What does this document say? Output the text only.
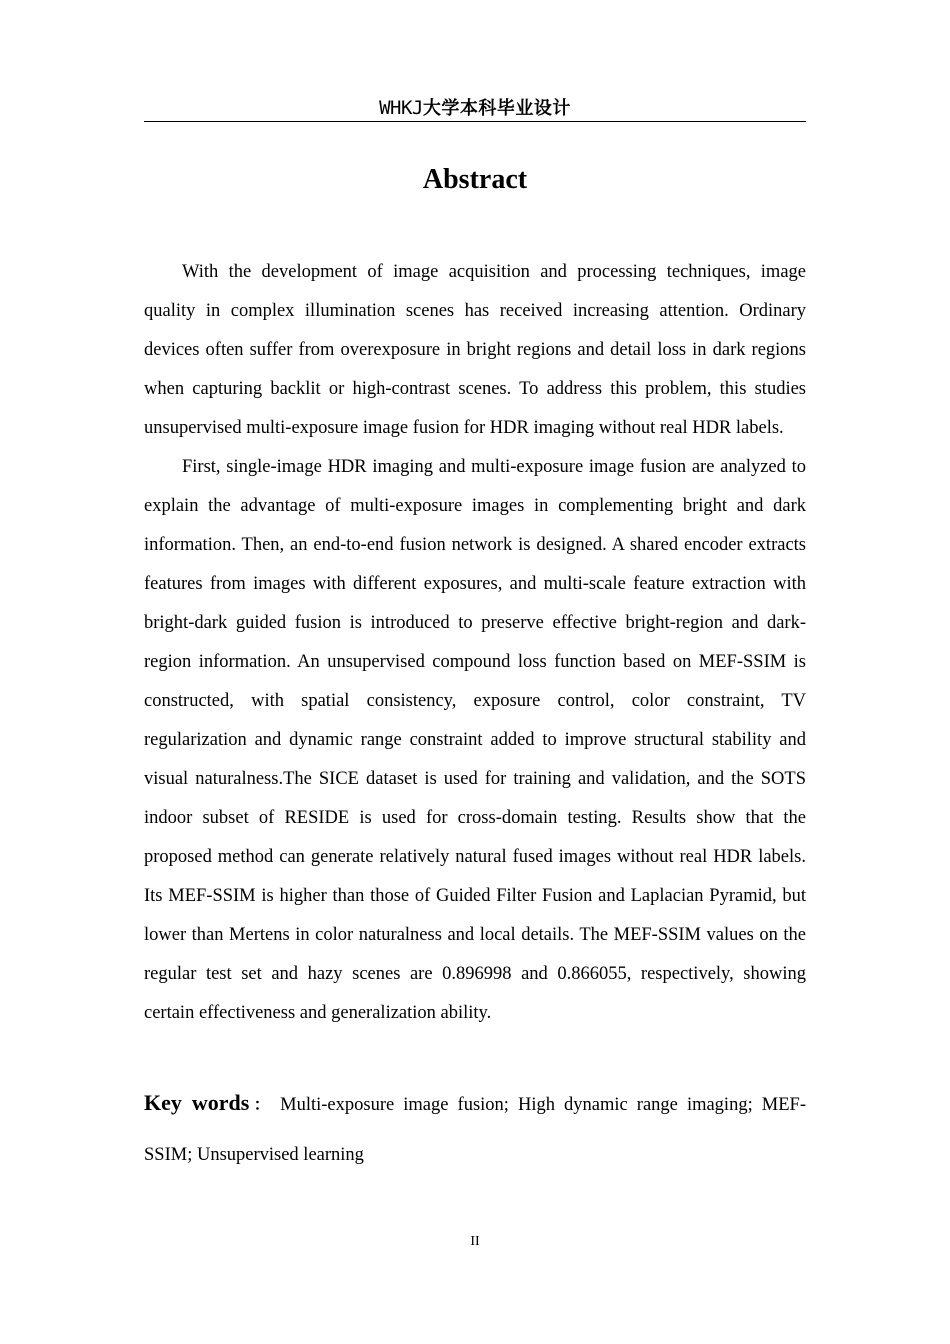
WHKJ大学本科毕业设计
Abstract

With the development of image acquisition and processing techniques, image quality in complex illumination scenes has received increasing attention. Ordinary devices often suffer from overexposure in bright regions and detail loss in dark regions when capturing backlit or high-contrast scenes. To address this problem, this studies unsupervised multi-exposure image fusion for HDR imaging without real HDR labels.

First, single-image HDR imaging and multi-exposure image fusion are analyzed to explain the advantage of multi-exposure images in complementing bright and dark information. Then, an end-to-end fusion network is designed. A shared encoder extracts features from images with different exposures, and multi-scale feature extraction with bright-dark guided fusion is introduced to preserve effective bright-region and dark-region information. An unsupervised compound loss function based on MEF-SSIM is constructed, with spatial consistency, exposure control, color constraint, TV regularization and dynamic range constraint added to improve structural stability and visual naturalness.The SICE dataset is used for training and validation, and the SOTS indoor subset of RESIDE is used for cross-domain testing. Results show that the proposed method can generate relatively natural fused images without real HDR labels. Its MEF-SSIM is higher than those of Guided Filter Fusion and Laplacian Pyramid, but lower than Mertens in color naturalness and local details. The MEF-SSIM values on the regular test set and hazy scenes are 0.896998 and 0.866055, respectively, showing certain effectiveness and generalization ability.

Key words： Multi-exposure image fusion; High dynamic range imaging; MEF-SSIM; Unsupervised learning
II
